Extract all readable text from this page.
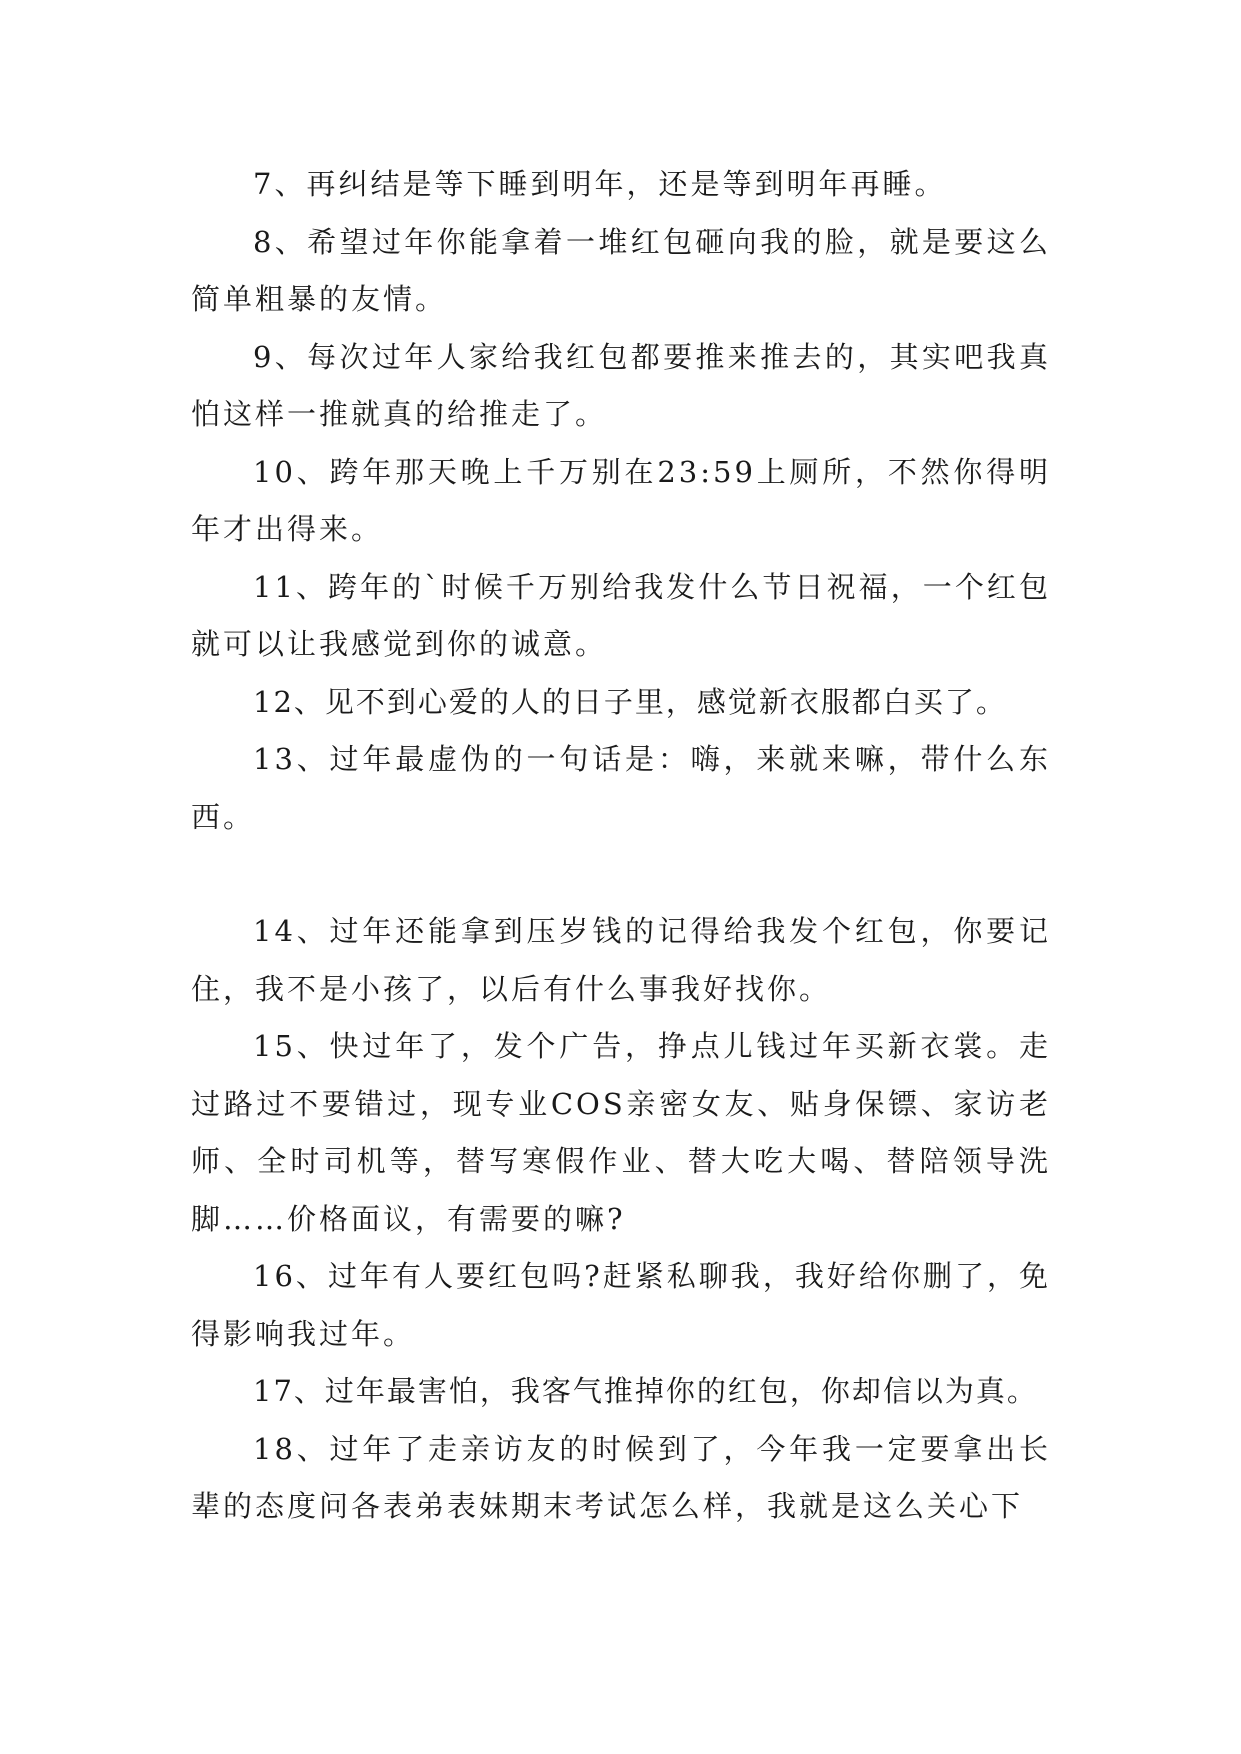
7、再纠结是等下睡到明年，还是等到明年再睡。

8、希望过年你能拿着一堆红包砸向我的脸，就是要这么简单粗暴的友情。

9、每次过年人家给我红包都要推来推去的，其实吧我真怕这样一推就真的给推走了。

10、跨年那天晚上千万别在23:59上厕所，不然你得明年才出得来。

11、跨年的`时候千万别给我发什么节日祝福，一个红包就可以让我感觉到你的诚意。

12、见不到心爱的人的日子里，感觉新衣服都白买了。

13、过年最虚伪的一句话是：嗨，来就来嘛，带什么东西。

14、过年还能拿到压岁钱的记得给我发个红包，你要记住，我不是小孩了，以后有什么事我好找你。

15、快过年了，发个广告，挣点儿钱过年买新衣裳。走过路过不要错过，现专业COS亲密女友、贴身保镖、家访老师、全时司机等，替写寒假作业、替大吃大喝、替陪领导洗脚……价格面议，有需要的嘛?

16、过年有人要红包吗?赶紧私聊我，我好给你删了，免得影响我过年。

17、过年最害怕，我客气推掉你的红包，你却信以为真。

18、过年了走亲访友的时候到了，今年我一定要拿出长辈的态度问各表弟表妹期末考试怎么样，我就是这么关心下
